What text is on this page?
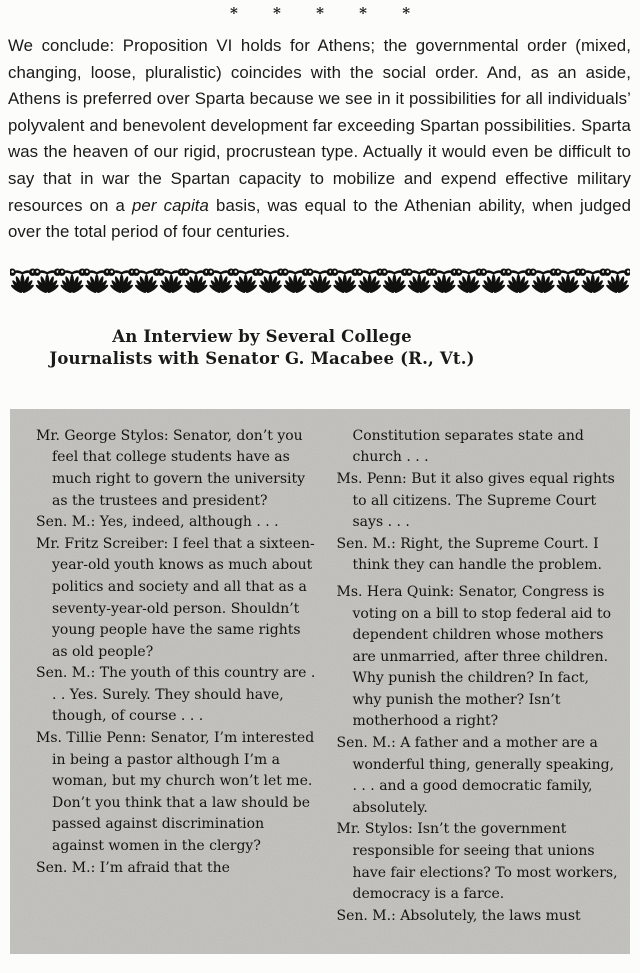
* * * * *

We conclude: Proposition VI holds for Athens; the governmental order (mixed, changing, loose, pluralistic) coincides with the social order. And, as an aside, Athens is preferred over Sparta because we see in it possibilities for all individuals’ polyvalent and benevolent development far exceeding Spartan possibilities. Sparta was the heaven of our rigid, procrustean type. Actually it would even be difficult to say that in war the Spartan capacity to mobilize and expend effective military resources on a per capita basis, was equal to the Athenian ability, when judged over the total period of four centuries.

An Interview by Several College
Journalists with Senator G. Macabee (R., Vt.)

Mr. George Stylos: Senator, don’t you feel that college students have as much right to govern the university as the trustees and president?

Sen. M.: Yes, indeed, although . . .

Mr. Fritz Screiber: I feel that a sixteen-year-old youth knows as much about politics and society and all that as a seventy-year-old person. Shouldn’t young people have the same rights as old people?

Sen. M.: The youth of this country are . . . Yes. Surely. They should have, though, of course . . .

Ms. Tillie Penn: Senator, I’m interested in being a pastor although I’m a woman, but my church won’t let me. Don’t you think that a law should be passed against discrimination against women in the clergy?

Sen. M.: I’m afraid that the

Constitution separates state and church . . .

Ms. Penn: But it also gives equal rights to all citizens. The Supreme Court says . . .

Sen. M.: Right, the Supreme Court. I think they can handle the problem.

Ms. Hera Quink: Senator, Congress is voting on a bill to stop federal aid to dependent children whose mothers are unmarried, after three children. Why punish the children? In fact, why punish the mother? Isn’t motherhood a right?

Sen. M.: A father and a mother are a wonderful thing, generally speaking, . . . and a good democratic family, absolutely.

Mr. Stylos: Isn’t the government responsible for seeing that unions have fair elections? To most workers, democracy is a farce.

Sen. M.: Absolutely, the laws must
